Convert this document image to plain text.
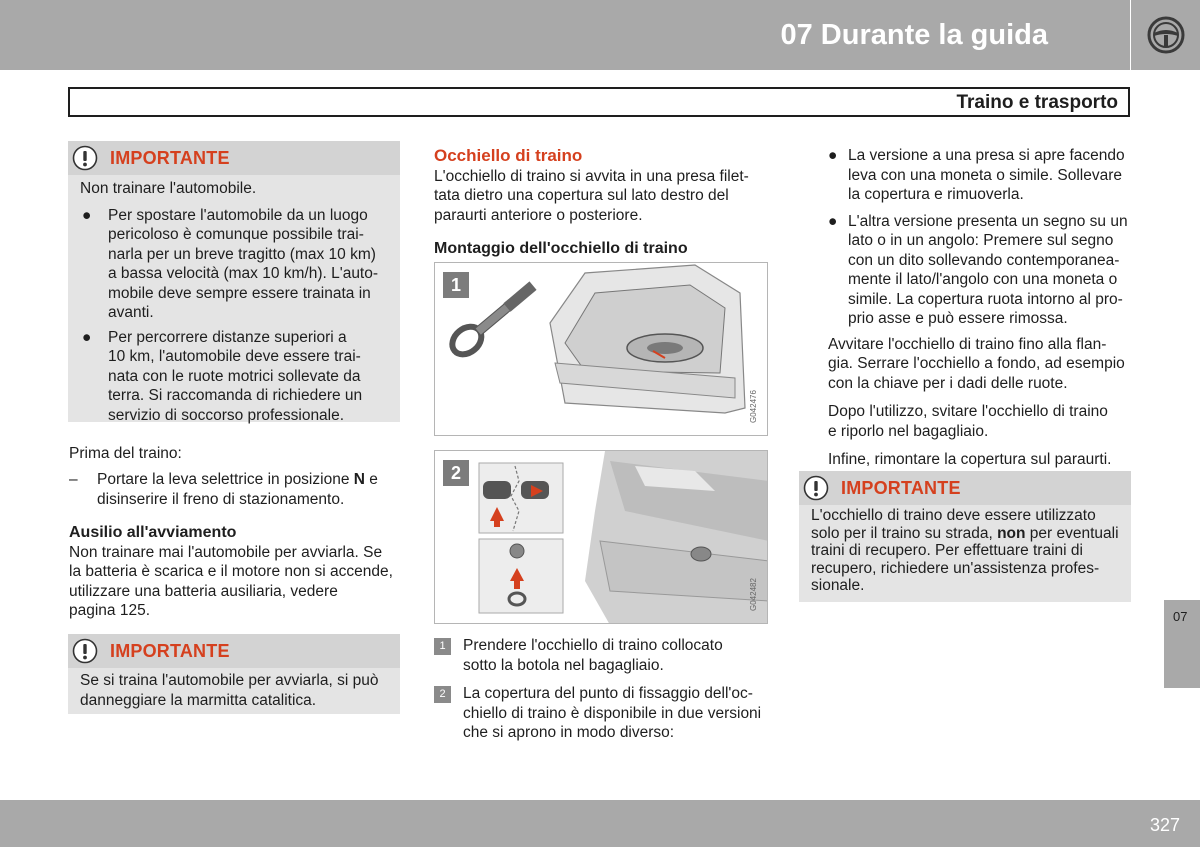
07 Durante la guida
Traino e trasporto
IMPORTANTE
Non trainare l'automobile.
● Per spostare l'automobile da un luogo
pericoloso è comunque possibile trai-
narla per un breve tragitto (max 10 km)
a bassa velocità (max 10 km/h). L'auto-
mobile deve sempre essere trainata in
avanti.
● Per percorrere distanze superiori a
10 km, l'automobile deve essere trai-
nata con le ruote motrici sollevate da
terra. Si raccomanda di richiedere un
servizio di soccorso professionale.
Prima del traino:
– Portare la leva selettrice in posizione N e
disinserire il freno di stazionamento.
Ausilio all'avviamento
Non trainare mai l'automobile per avviarla. Se
la batteria è scarica e il motore non si accende,
utilizzare una batteria ausiliaria, vedere
pagina 125.
IMPORTANTE
Se si traina l'automobile per avviarla, si può
danneggiare la marmitta catalitica.
Occhiello di traino
L'occhiello di traino si avvita in una presa filet-
tata dietro una copertura sul lato destro del
paraurti anteriore o posteriore.
Montaggio dell'occhiello di traino
1
G042476
2
G042482
1	Prendere l'occhiello di traino collocato
sotto la botola nel bagagliaio.
2	La copertura del punto di fissaggio dell'oc-
chiello di traino è disponibile in due versioni
che si aprono in modo diverso:
● La versione a una presa si apre facendo
leva con una moneta o simile. Sollevare
la copertura e rimuoverla.
● L'altra versione presenta un segno su un
lato o in un angolo: Premere sul segno
con un dito sollevando contemporanea-
mente il lato/l'angolo con una moneta o
simile. La copertura ruota intorno al pro-
prio asse e può essere rimossa.
Avvitare l'occhiello di traino fino alla flan-
gia. Serrare l'occhiello a fondo, ad esempio
con la chiave per i dadi delle ruote.
Dopo l'utilizzo, svitare l'occhiello di traino
e riporlo nel bagagliaio.
Infine, rimontare la copertura sul paraurti.
IMPORTANTE
L'occhiello di traino deve essere utilizzato
solo per il traino su strada, non per eventuali
traini di recupero. Per effettuare traini di
recupero, richiedere un'assistenza profes-
sionale.
07
327
